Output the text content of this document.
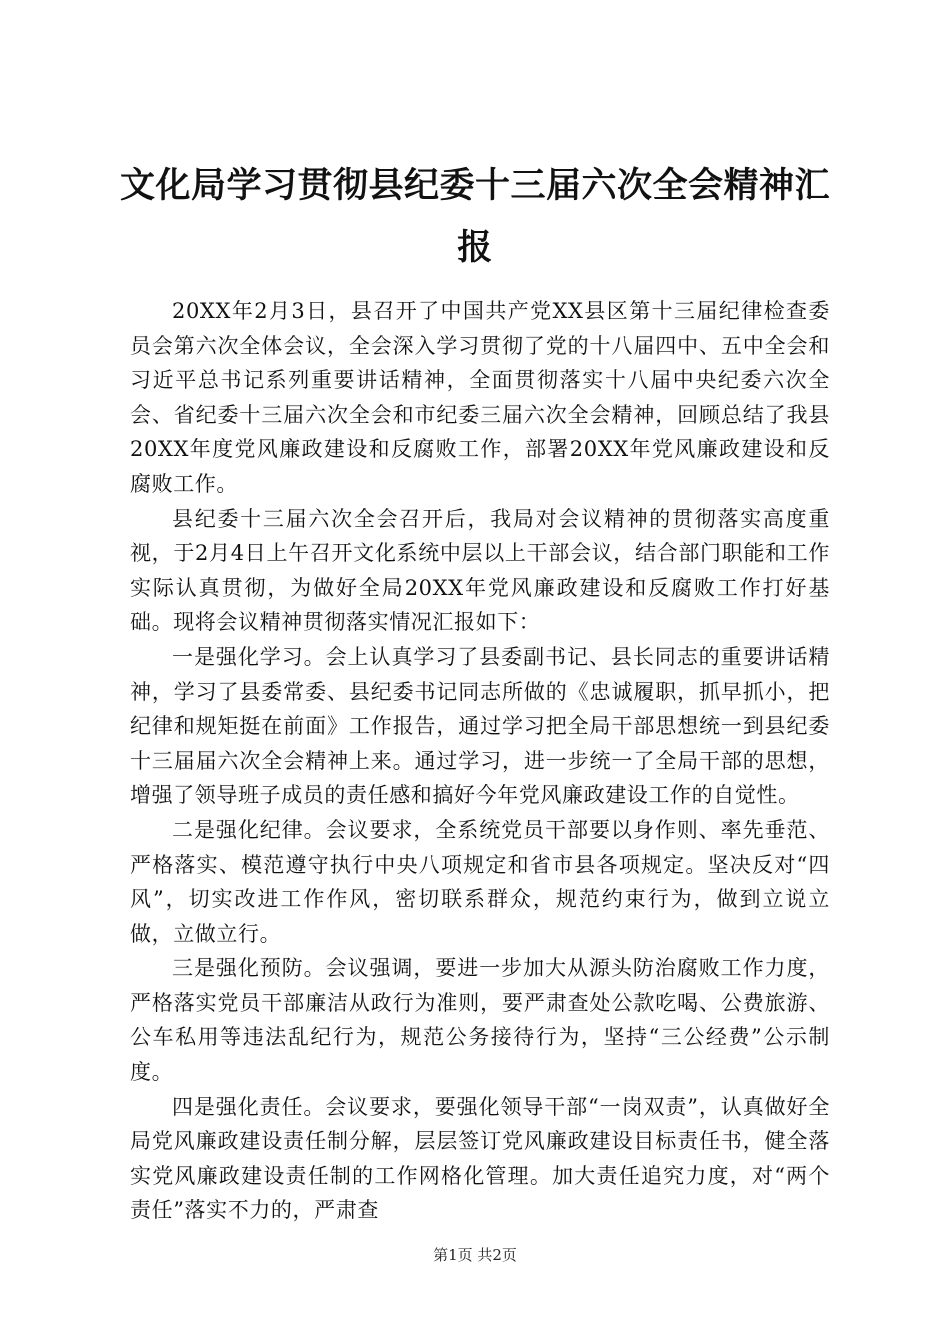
文化局学习贯彻县纪委十三届六次全会精神汇报

20XX年2月3日，县召开了中国共产党XX县区第十三届纪律检查委员会第六次全体会议，全会深入学习贯彻了党的十八届四中、五中全会和习近平总书记系列重要讲话精神，全面贯彻落实十八届中央纪委六次全会、省纪委十三届六次全会和市纪委三届六次全会精神，回顾总结了我县20XX年度党风廉政建设和反腐败工作，部署20XX年党风廉政建设和反腐败工作。

县纪委十三届六次全会召开后，我局对会议精神的贯彻落实高度重视，于2月4日上午召开文化系统中层以上干部会议，结合部门职能和工作实际认真贯彻，为做好全局20XX年党风廉政建设和反腐败工作打好基础。现将会议精神贯彻落实情况汇报如下：

一是强化学习。会上认真学习了县委副书记、县长同志的重要讲话精神，学习了县委常委、县纪委书记同志所做的《忠诚履职，抓早抓小，把纪律和规矩挺在前面》工作报告，通过学习把全局干部思想统一到县纪委十三届届六次全会精神上来。通过学习，进一步统一了全局干部的思想，增强了领导班子成员的责任感和搞好今年党风廉政建设工作的自觉性。

二是强化纪律。会议要求，全系统党员干部要以身作则、率先垂范、严格落实、模范遵守执行中央八项规定和省市县各项规定。坚决反对“四风”，切实改进工作作风，密切联系群众，规范约束行为，做到立说立做，立做立行。

三是强化预防。会议强调，要进一步加大从源头防治腐败工作力度，严格落实党员干部廉洁从政行为准则，要严肃查处公款吃喝、公费旅游、公车私用等违法乱纪行为，规范公务接待行为，坚持“三公经费”公示制度。

四是强化责任。会议要求，要强化领导干部“一岗双责”，认真做好全局党风廉政建设责任制分解，层层签订党风廉政建设目标责任书，健全落实党风廉政建设责任制的工作网格化管理。加大责任追究力度，对“两个责任”落实不力的，严肃查

第1页 共2页
